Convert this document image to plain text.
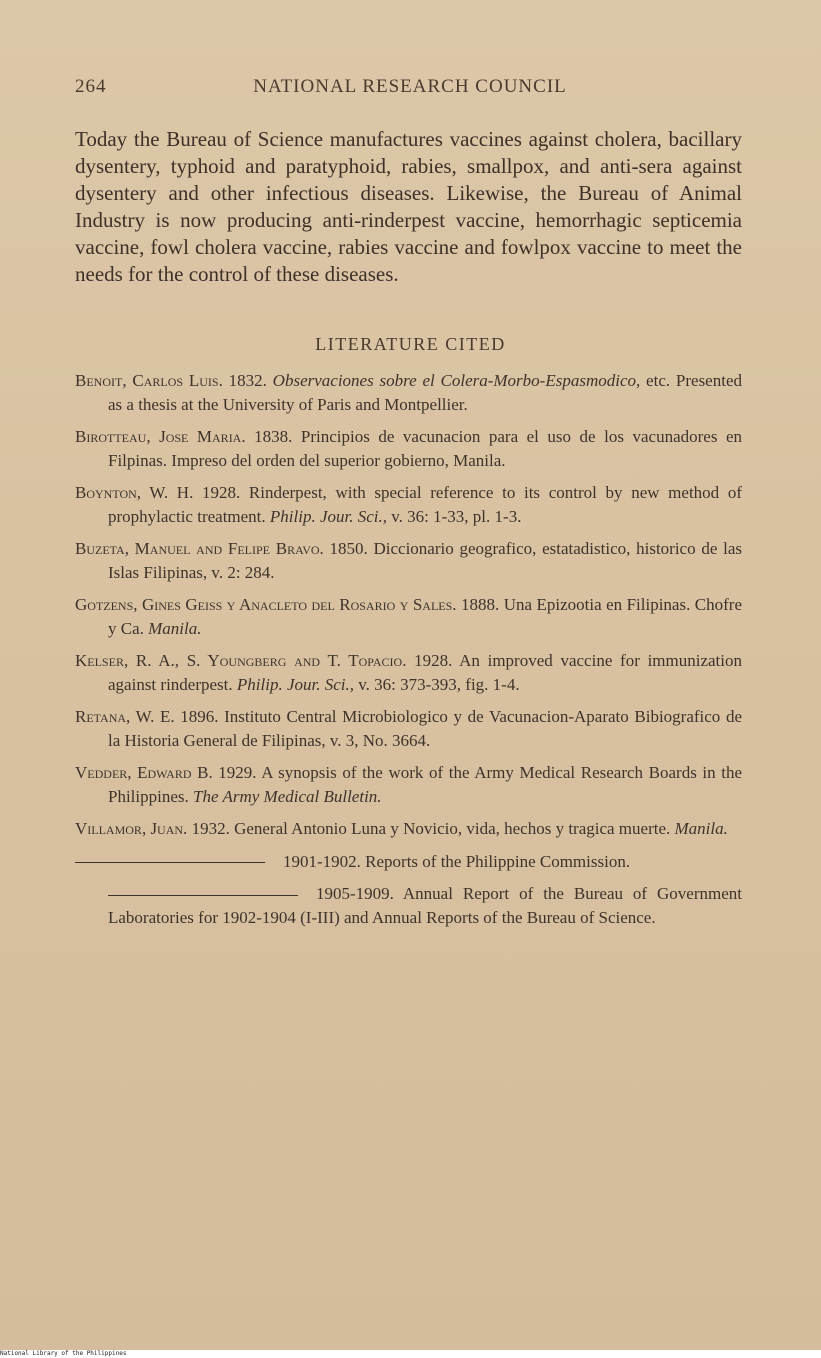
264	NATIONAL RESEARCH COUNCIL

Today the Bureau of Science manufactures vaccines against cholera, bacillary dysentery, typhoid and paratyphoid, rabies, smallpox, and anti-sera against dysentery and other infectious diseases. Likewise, the Bureau of Animal Industry is now producing anti-rinderpest vaccine, hemorrhagic septicemia vaccine, fowl cholera vaccine, rabies vaccine and fowlpox vaccine to meet the needs for the control of these diseases.

LITERATURE CITED
Benoit, Carlos Luis. 1832. Observaciones sobre el Colera-Morbo-Espasmodico, etc. Presented as a thesis at the University of Paris and Montpellier.
Birotteau, Jose Maria. 1838. Principios de vacunacion para el uso de los vacunadores en Filpinas. Impreso del orden del superior gobierno, Manila.
Boynton, W. H. 1928. Rinderpest, with special reference to its control by new method of prophylactic treatment. Philip. Jour. Sci., v. 36: 1-33, pl. 1-3.
Buzeta, Manuel and Felipe Bravo. 1850. Diccionario geografico, estatadistico, historico de las Islas Filipinas, v. 2: 284.
Gotzens, Gines Geiss y Anacleto del Rosario y Sales. 1888. Una Epizootia en Filipinas. Chofre y Ca. Manila.
Kelser, R. A., S. Youngberg and T. Topacio. 1928. An improved vaccine for immunization against rinderpest. Philip. Jour. Sci., v. 36: 373-393, fig. 1-4.
Retana, W. E. 1896. Instituto Central Microbiologico y de Vacunacion-Aparato Bibiografico de la Historia General de Filipinas, v. 3, No. 3664.
Vedder, Edward B. 1929. A synopsis of the work of the Army Medical Research Boards in the Philippines. The Army Medical Bulletin.
Villamor, Juan. 1932. General Antonio Luna y Novicio, vida, hechos y tragica muerte. Manila.
1901-1902. Reports of the Philippine Commission.
1905-1909. Annual Report of the Bureau of Government Laboratories for 1902-1904 (I-III) and Annual Reports of the Bureau of Science.
National Library of the Philippines
